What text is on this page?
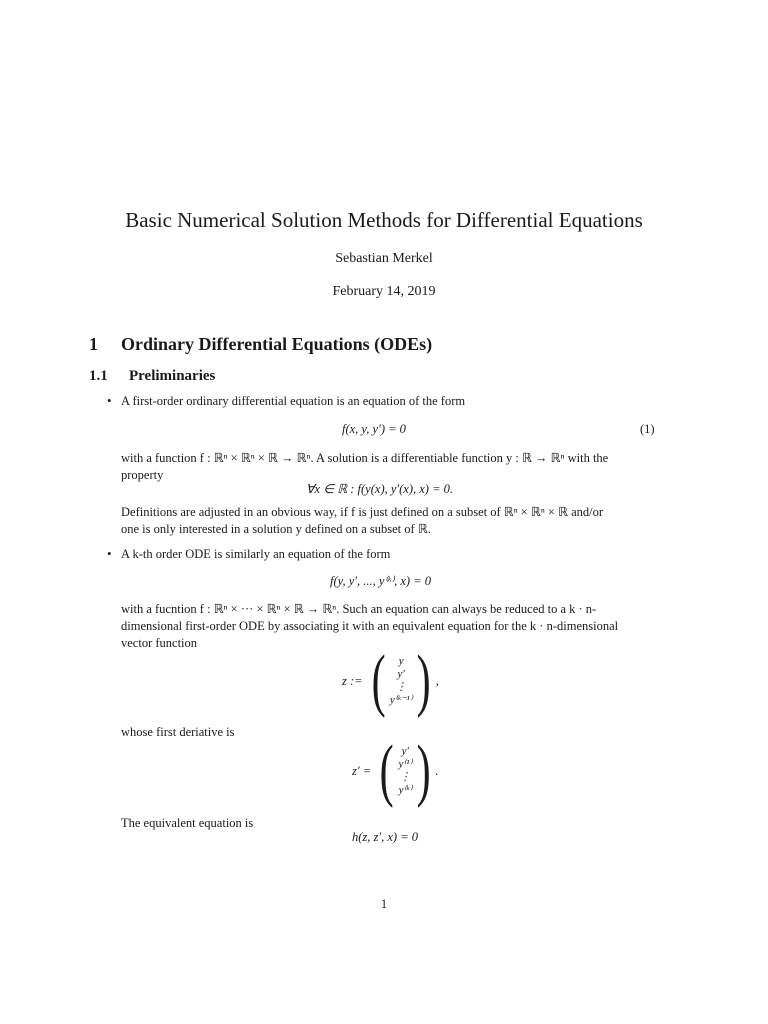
Basic Numerical Solution Methods for Differential Equations
Sebastian Merkel
February 14, 2019
1 Ordinary Differential Equations (ODEs)
1.1 Preliminaries
• A first-order ordinary differential equation is an equation of the form
f(x, y, y′) = 0	(1)
with a function f : ℝⁿ × ℝⁿ × ℝ → ℝⁿ. A solution is a differentiable function y : ℝ → ℝⁿ with the
property
∀x ∈ ℝ : f(y(x), y′(x), x) = 0.
Definitions are adjusted in an obvious way, if f is just defined on a subset of ℝⁿ × ℝⁿ × ℝ and/or
one is only interested in a solution y defined on a subset of ℝ.
• A k-th order ODE is similarly an equation of the form
f(y, y′, ..., y⁽ᵏ⁾, x) = 0
with a fucntion f : ℝⁿ × ··· × ℝⁿ × ℝ → ℝⁿ. Such an equation can always be reduced to a k · n-
dimensional first-order ODE by associating it with an equivalent equation for the k · n-dimensional
vector function
z := ( y
y′
⋮
y⁽ᵏ⁻¹⁾ ) ,
whose first deriative is
z′ = ( y′
y⁽¹⁾
⋮
y⁽ᵏ⁾ ) .
The equivalent equation is
h(z, z′, x) = 0
1
